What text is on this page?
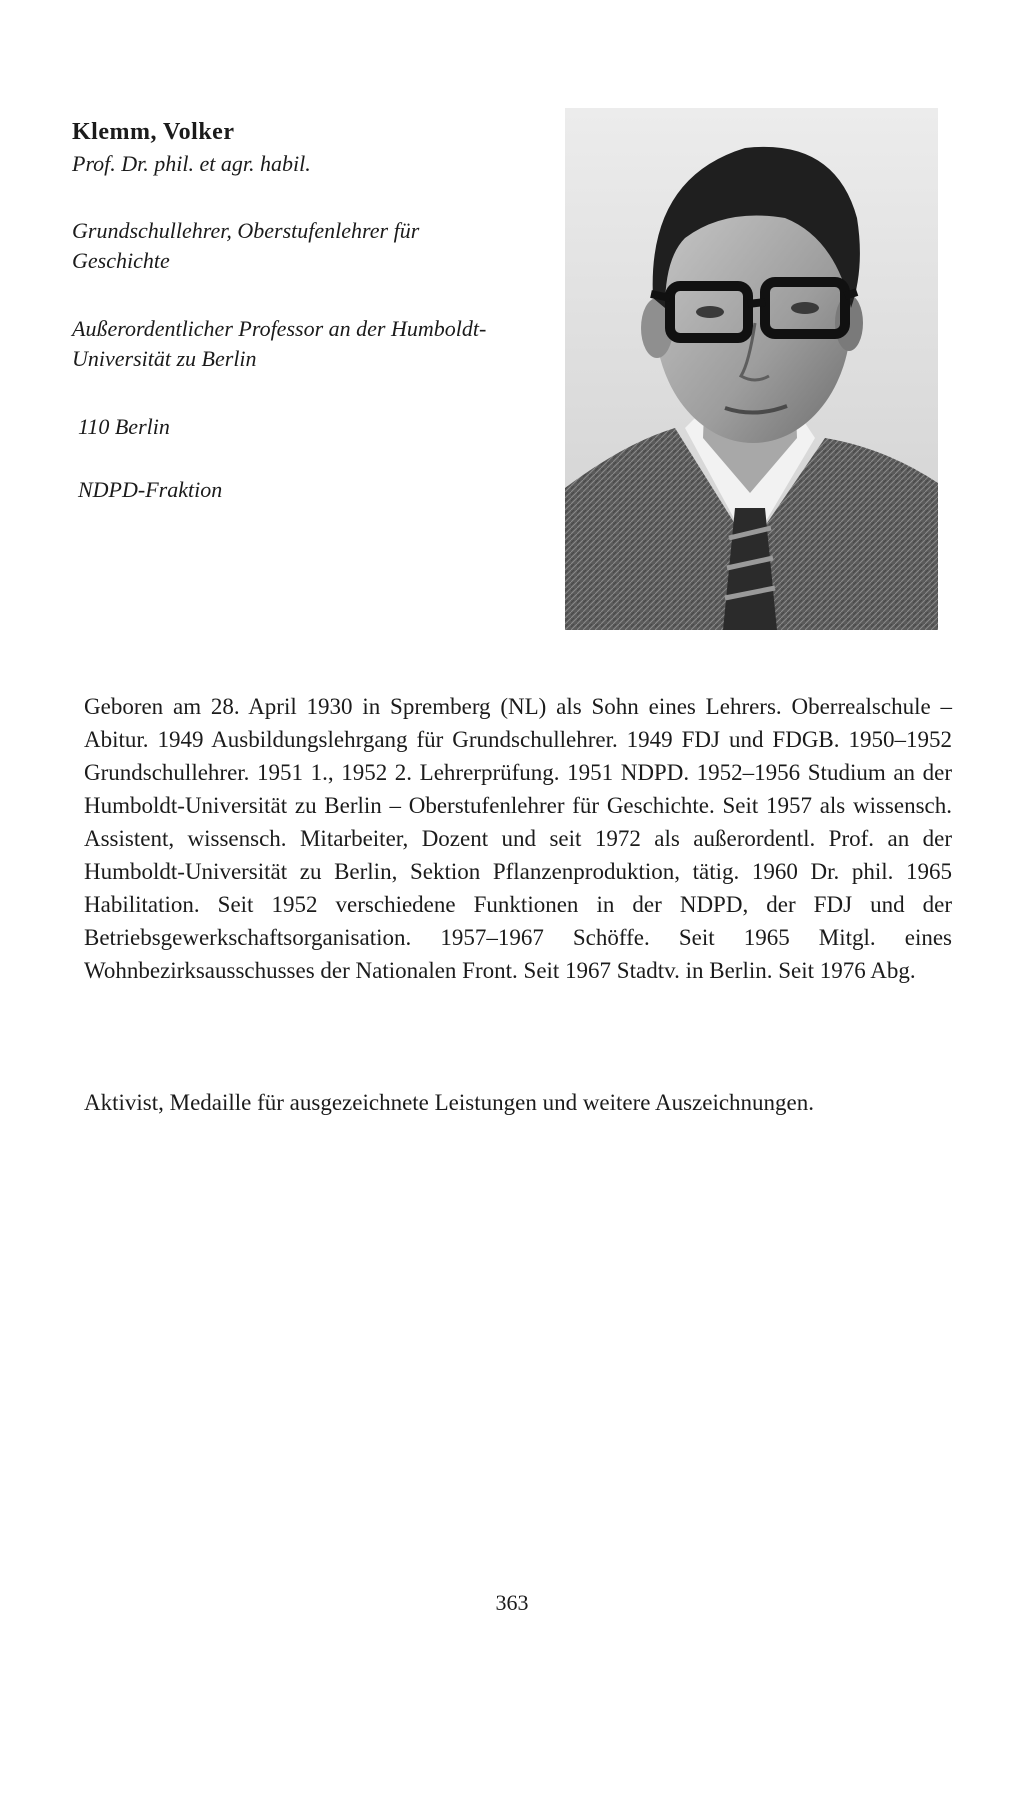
Klemm, Volker

Prof. Dr. phil. et agr. habil.

Grundschullehrer, Oberstufenlehrer für Geschichte

Außerordentlicher Professor an der Humboldt-Universität zu Berlin

110 Berlin

NDPD-Fraktion

Geboren am 28. April 1930 in Spremberg (NL) als Sohn eines Lehrers. Oberrealschule – Abitur. 1949 Ausbildungslehrgang für Grundschullehrer. 1949 FDJ und FDGB. 1950–1952 Grundschullehrer. 1951 1., 1952 2. Lehrerprüfung. 1951 NDPD. 1952–1956 Studium an der Humboldt-Universität zu Berlin – Oberstufenlehrer für Geschichte. Seit 1957 als wissensch. Assistent, wissensch. Mitarbeiter, Dozent und seit 1972 als außerordentl. Prof. an der Humboldt-Universität zu Berlin, Sektion Pflanzenproduktion, tätig. 1960 Dr. phil. 1965 Habilitation. Seit 1952 verschiedene Funktionen in der NDPD, der FDJ und der Betriebsgewerkschaftsorganisation. 1957–1967 Schöffe. Seit 1965 Mitgl. eines Wohnbezirksausschusses der Nationalen Front. Seit 1967 Stadtv. in Berlin. Seit 1976 Abg.

Aktivist, Medaille für ausgezeichnete Leistungen und weitere Auszeichnungen.

363
